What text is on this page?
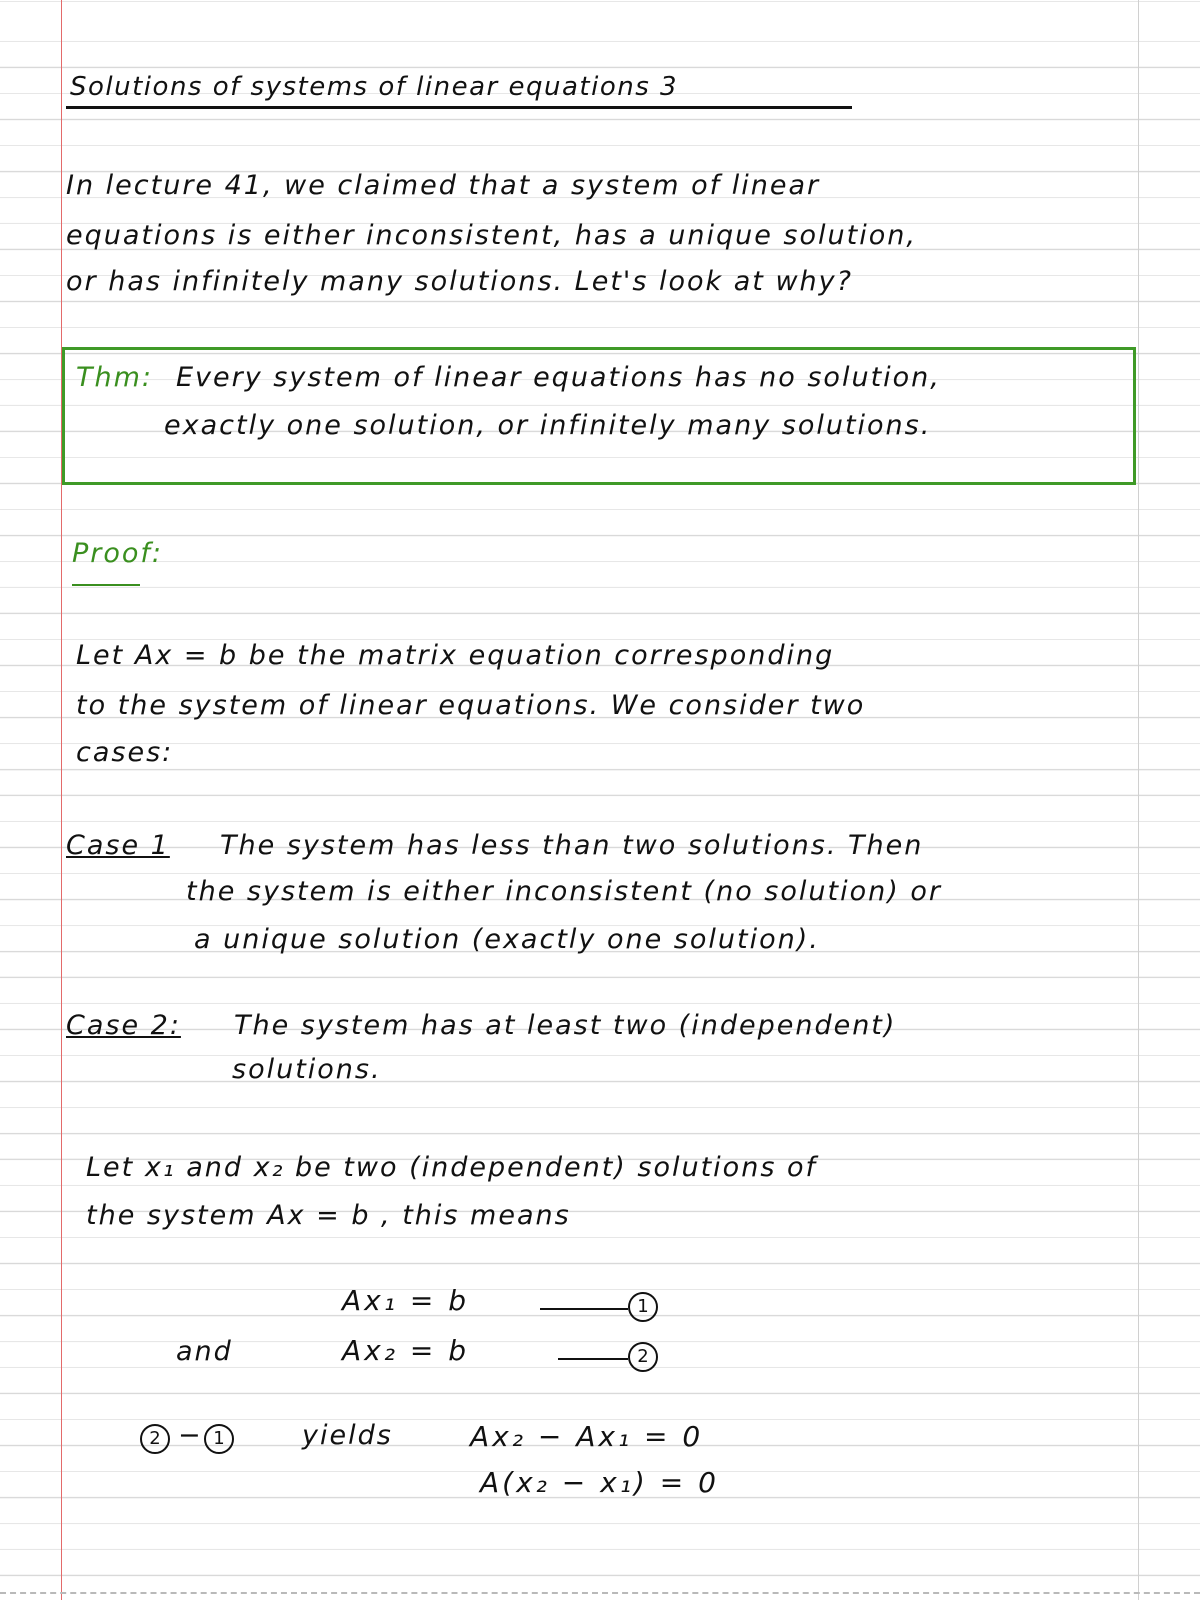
Solutions of systems of linear equations 3
In lecture 41, we claimed that a system of linear
equations is either inconsistent, has a unique solution,
or has infinitely many solutions. Let's look at why?
Thm: Every system of linear equations has no solution,
exactly one solution, or infinitely many solutions.
Proof:
Let Ax = b be the matrix equation corresponding
to the system of linear equations. We consider two
cases:
Case 1 The system has less than two solutions. Then
the system is either inconsistent (no solution) or
a unique solution (exactly one solution).
Case 2: The system has at least two (independent)
solutions.
Let x₁ and x₂ be two (independent) solutions of
the system Ax = b , this means
Ax₁ = b	1
and	Ax₂ = b	2
2 − 1	yields	Ax₂ − Ax₁ = 0
A(x₂ − x₁) = 0
